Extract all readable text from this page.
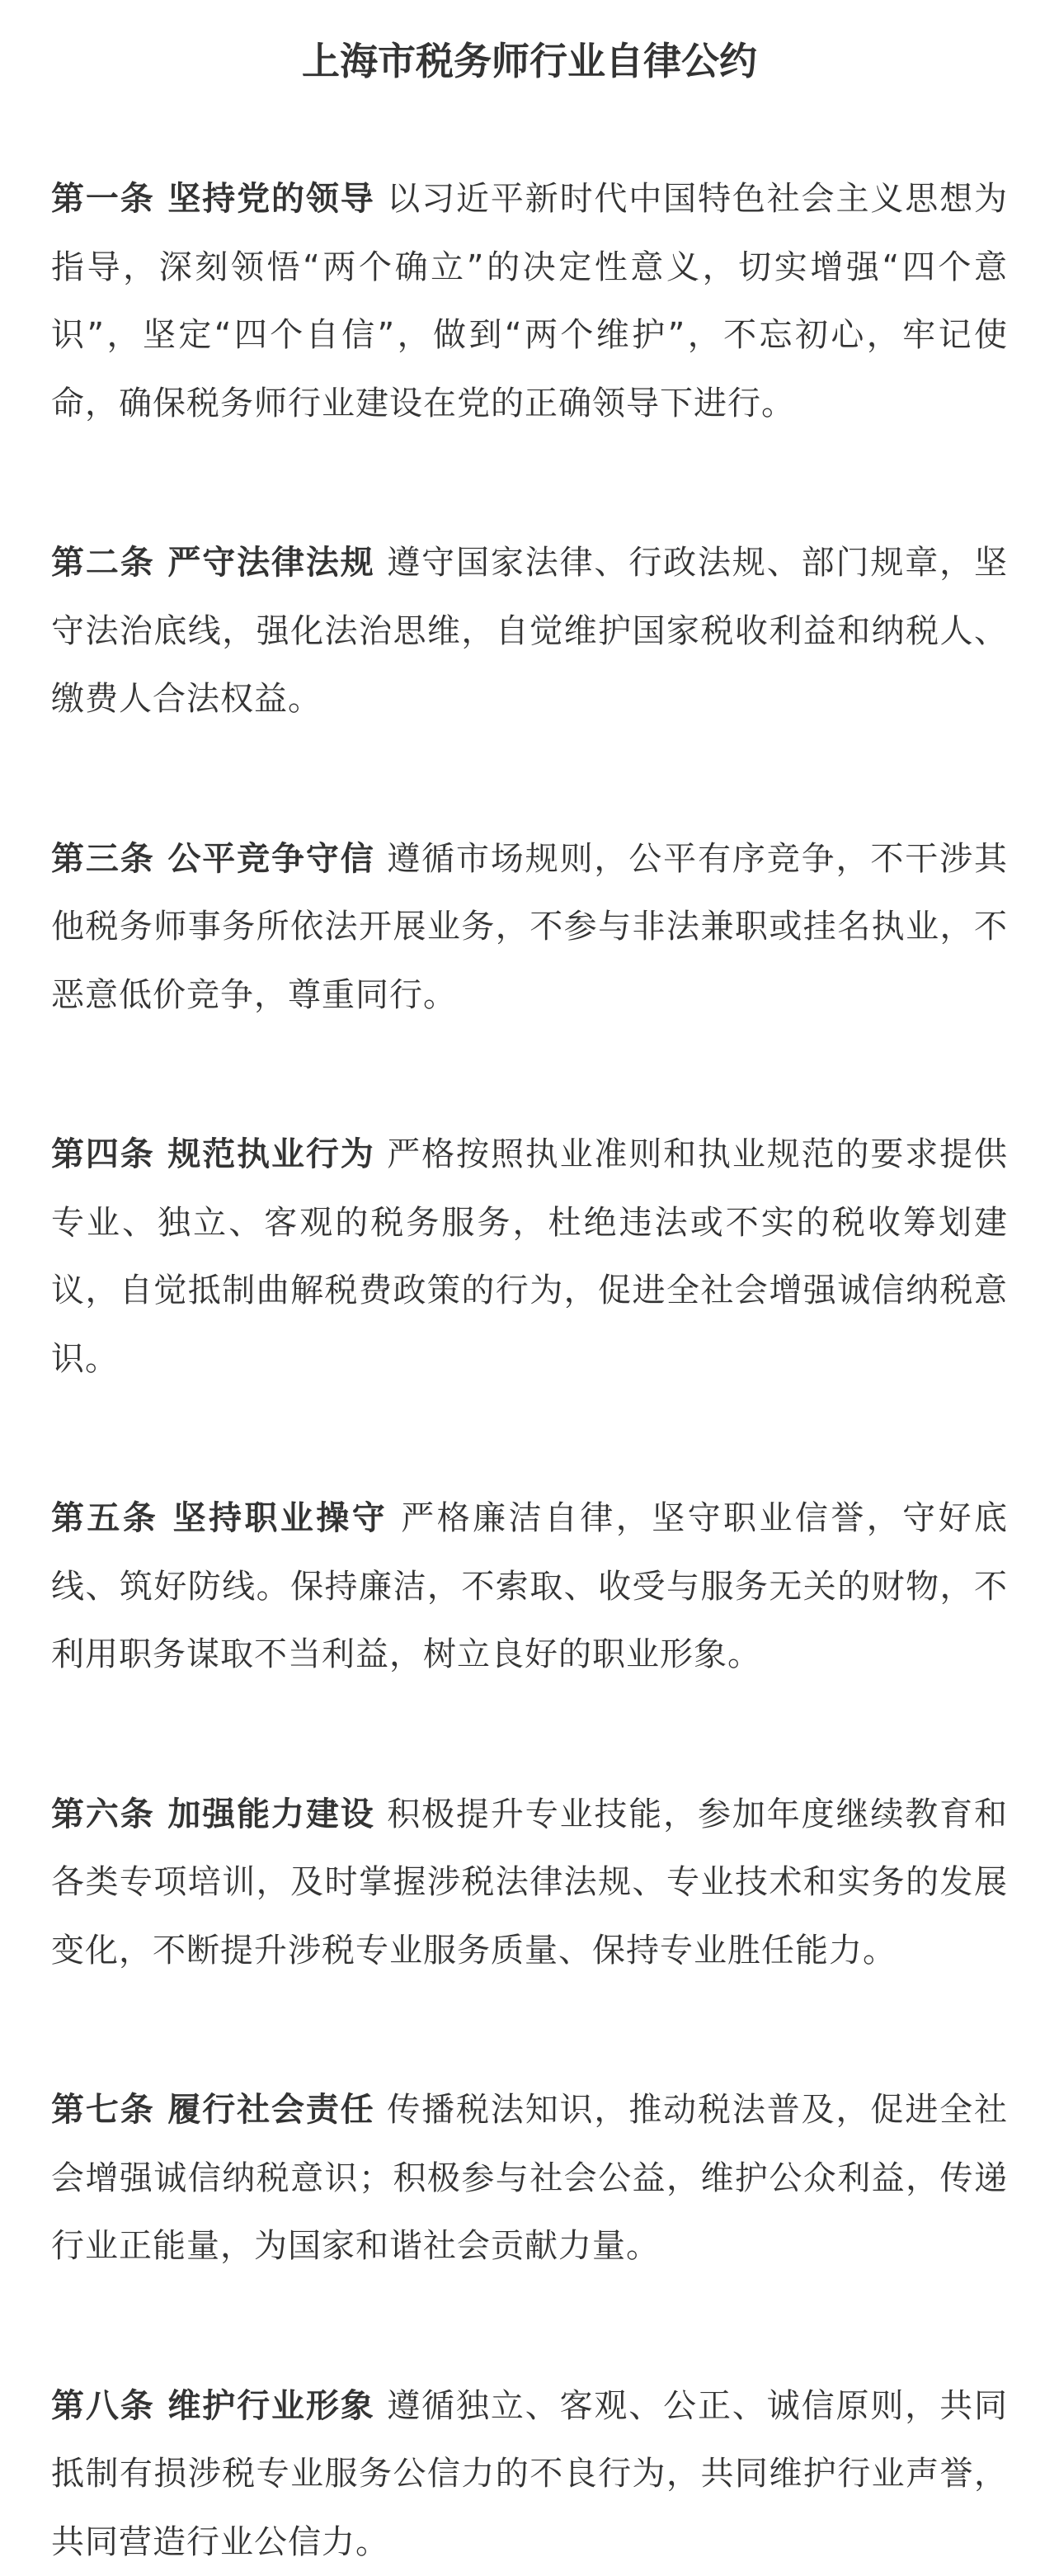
上海市税务师行业自律公约

第一条 坚持党的领导 以习近平新时代中国特色社会主义思想为指导，深刻领悟“两个确立”的决定性意义，切实增强“四个意识”，坚定“四个自信”，做到“两个维护”，不忘初心，牢记使命，确保税务师行业建设在党的正确领导下进行。

第二条 严守法律法规 遵守国家法律、行政法规、部门规章，坚守法治底线，强化法治思维，自觉维护国家税收利益和纳税人、缴费人合法权益。

第三条 公平竞争守信 遵循市场规则，公平有序竞争，不干涉其他税务师事务所依法开展业务，不参与非法兼职或挂名执业，不恶意低价竞争，尊重同行。

第四条 规范执业行为 严格按照执业准则和执业规范的要求提供专业、独立、客观的税务服务，杜绝违法或不实的税收筹划建议，自觉抵制曲解税费政策的行为，促进全社会增强诚信纳税意识。

第五条 坚持职业操守 严格廉洁自律，坚守职业信誉，守好底线、筑好防线。保持廉洁，不索取、收受与服务无关的财物，不利用职务谋取不当利益，树立良好的职业形象。

第六条 加强能力建设 积极提升专业技能，参加年度继续教育和各类专项培训，及时掌握涉税法律法规、专业技术和实务的发展变化，不断提升涉税专业服务质量、保持专业胜任能力。

第七条 履行社会责任 传播税法知识，推动税法普及，促进全社会增强诚信纳税意识；积极参与社会公益，维护公众利益，传递行业正能量，为国家和谐社会贡献力量。

第八条 维护行业形象 遵循独立、客观、公正、诚信原则，共同抵制有损涉税专业服务公信力的不良行为，共同维护行业声誉，共同营造行业公信力。
